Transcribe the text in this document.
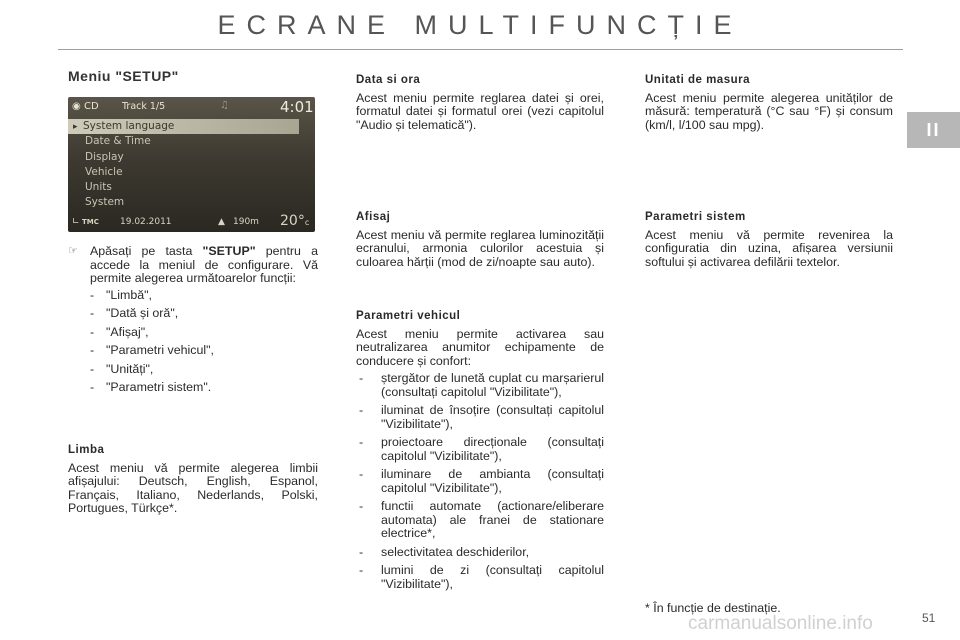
ECRANE MULTIFUNCȚIE
II
Meniu "SETUP"
◉ CD Track 1/5	♫	4:01
▸ System language
Date & Time
Display
Vehicle
Units
System
∟ TMC 19.02.2011	▲ 190m 20°c
☞ Apăsați pe tasta "SETUP" pentru a accede la meniul de configurare. Vă permite alegerea următoarelor funcții:

- "Limbă",
- "Dată și oră",
- "Afișaj",
- "Parametri vehicul",
- "Unități",
- "Parametri sistem".
Limba

Acest meniu vă permite alegerea limbii afișajului: Deutsch, English, Espanol, Français, Italiano, Nederlands, Polski, Portugues, Türkçe*.

Data si ora

Acest meniu permite reglarea datei și orei, formatul datei și formatul orei (vezi capitolul "Audio și telematică").

Afisaj

Acest meniu vă permite reglarea luminozității ecranului, armonia culorilor acestuia și culoarea hărții (mod de zi/noapte sau auto).

Parametri vehicul

Acest meniu permite activarea sau neutralizarea anumitor echipamente de conducere și confort:

- ștergător de lunetă cuplat cu marșarierul (consultați capitolul "Vizibilitate"),
- iluminat de însoțire (consultați capitolul "Vizibilitate"),
- proiectoare direcționale (consultați capitolul "Vizibilitate"),
- iluminare de ambianta (consultați capitolul "Vizibilitate"),
- functii automate (actionare/eliberare automata) ale franei de stationare electrice*,
- selectivitatea deschiderilor,
- lumini de zi (consultați capitolul "Vizibilitate"),
Unitati de masura

Acest meniu permite alegerea unităților de măsură: temperatură (°C sau °F) și consum (km/l, l/100 sau mpg).

Parametri sistem

Acest meniu vă permite revenirea la configuratia din uzina, afișarea versiunii softului și activarea defilării textelor.

* În funcție de destinație.
carmanualsonline.info	51
